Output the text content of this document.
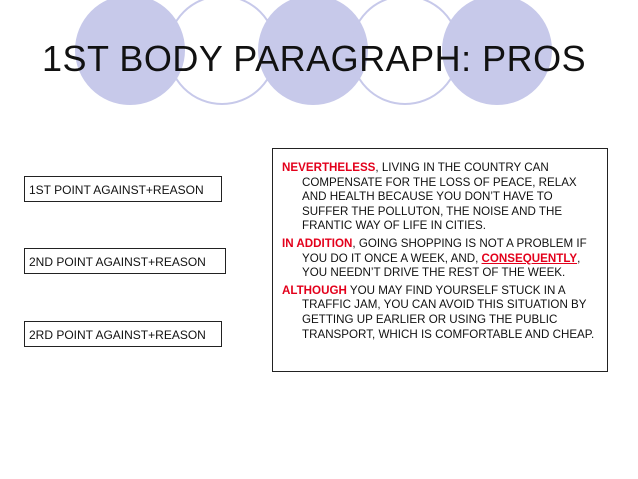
1ST BODY PARAGRAPH: PROS
1ST POINT AGAINST+REASON
2ND POINT AGAINST+REASON
2RD POINT AGAINST+REASON

NEVERTHELESS, LIVING IN THE COUNTRY CAN COMPENSATE FOR THE LOSS OF PEACE, RELAX AND HEALTH BECAUSE YOU DON’T HAVE TO SUFFER THE POLLUTON, THE NOISE AND THE FRANTIC WAY OF LIFE IN CITIES.

IN ADDITION, GOING SHOPPING IS NOT A PROBLEM IF YOU DO IT ONCE A WEEK, AND, CONSEQUENTLY, YOU NEEDN’T DRIVE THE REST OF THE WEEK.

ALTHOUGH YOU MAY FIND YOURSELF STUCK IN A TRAFFIC JAM, YOU CAN AVOID THIS SITUATION BY GETTING UP EARLIER OR USING THE PUBLIC TRANSPORT, WHICH IS COMFORTABLE AND CHEAP.
